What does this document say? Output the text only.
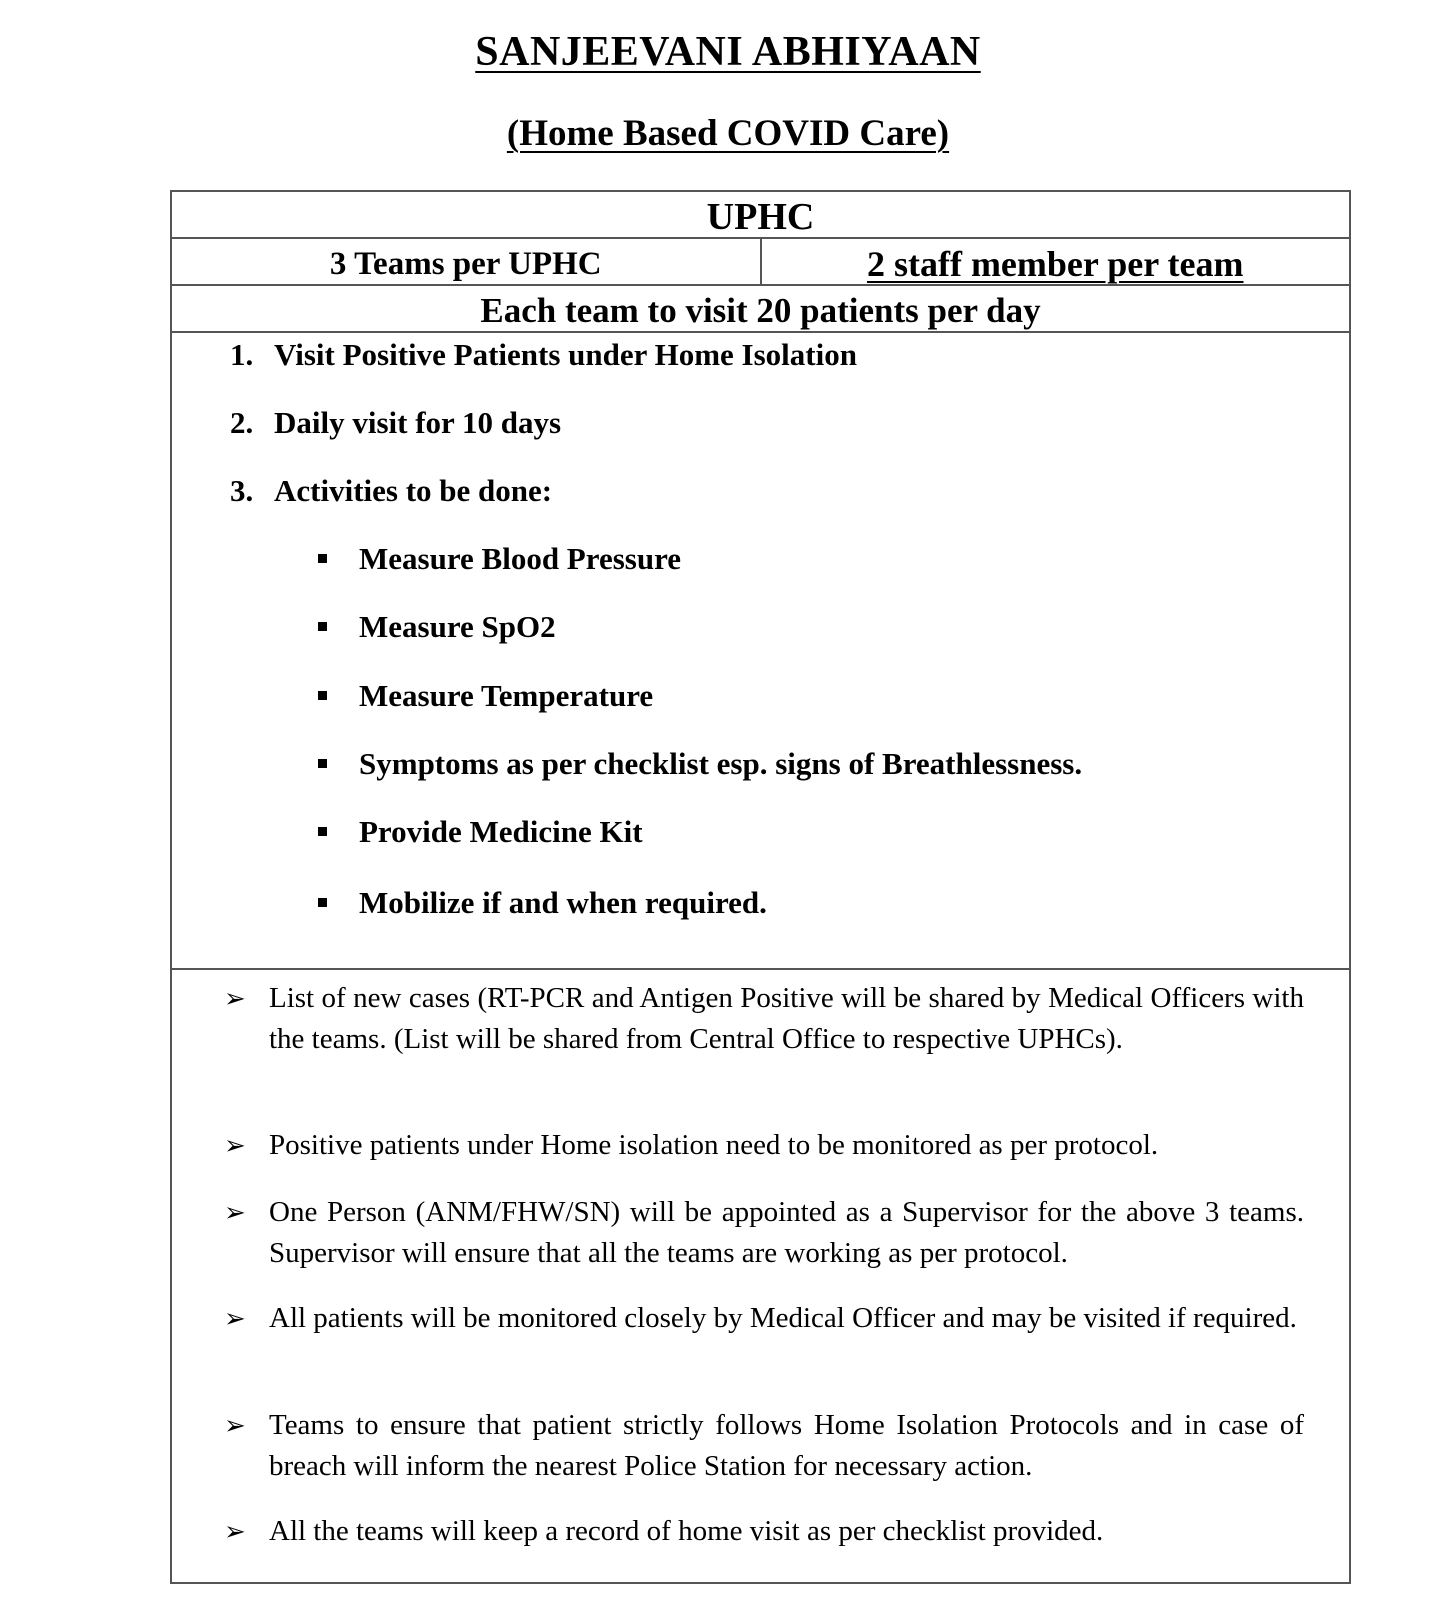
SANJEEVANI ABHIYAAN
(Home Based COVID Care)
UPHC
3 Teams per UPHC	2 staff member per team
Each team to visit 20 patients per day
1. Visit Positive Patients under Home Isolation
2. Daily visit for 10 days
3. Activities to be done:
Measure Blood Pressure
Measure SpO2
Measure Temperature
Symptoms as per checklist esp. signs of Breathlessness.
Provide Medicine Kit
Mobilize if and when required.
➢ List of new cases (RT-PCR and Antigen Positive will be shared by Medical Officers with the teams. (List will be shared from Central Office to respective UPHCs).
➢ Positive patients under Home isolation need to be monitored as per protocol.
➢ One Person (ANM/FHW/SN) will be appointed as a Supervisor for the above 3 teams. Supervisor will ensure that all the teams are working as per protocol.
➢ All patients will be monitored closely by Medical Officer and may be visited if required.
➢ Teams to ensure that patient strictly follows Home Isolation Protocols and in case of breach will inform the nearest Police Station for necessary action.
➢ All the teams will keep a record of home visit as per checklist provided.
